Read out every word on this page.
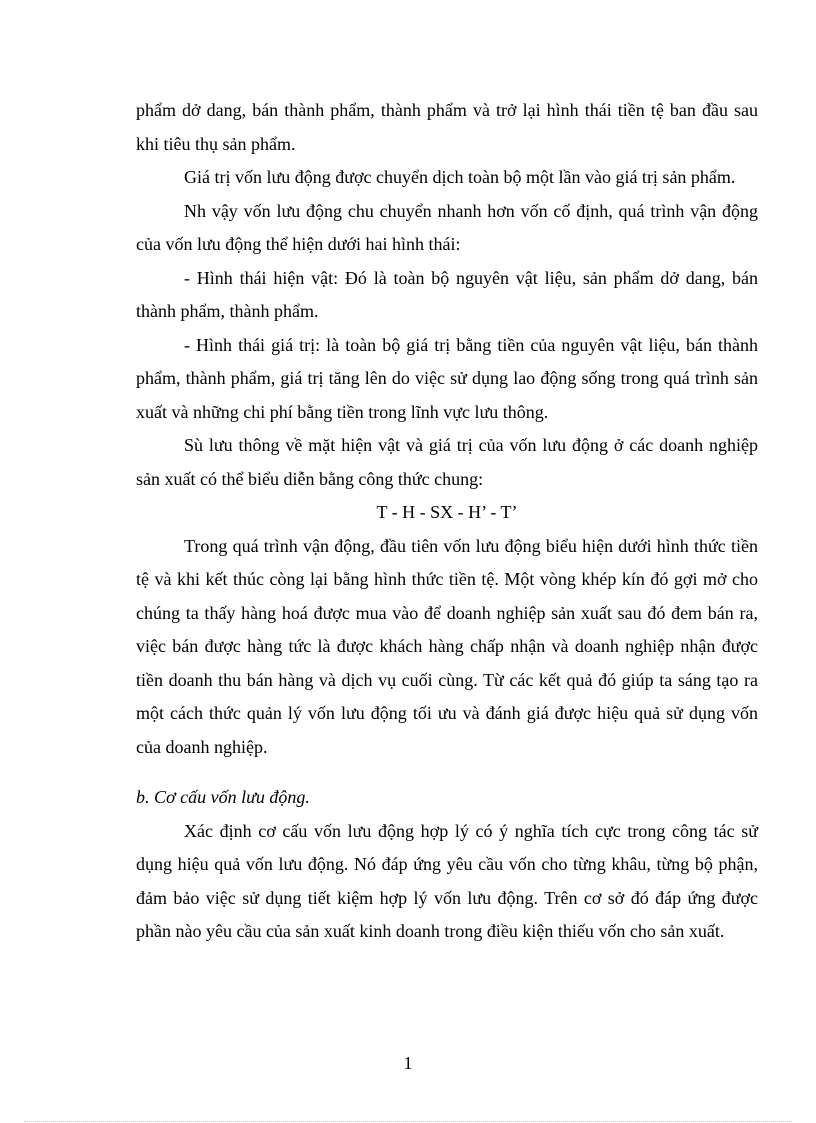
phẩm dở dang, bán thành phẩm, thành phẩm và trở lại hình thái tiền tệ ban đầu sau khi tiêu thụ sản phẩm.

Giá trị vốn lưu động được chuyển dịch toàn bộ một lần vào giá trị sản phẩm.

Nh vậy vốn lưu động chu chuyển nhanh hơn vốn cố định, quá trình vận động của vốn lưu động thể hiện dưới hai hình thái:

- Hình thái hiện vật: Đó là toàn bộ nguyên vật liệu, sản phẩm dở dang, bán thành phẩm, thành phẩm.

- Hình thái giá trị: là toàn bộ giá trị bằng tiền của nguyên vật liệu, bán thành phẩm, thành phẩm, giá trị tăng lên do việc sử dụng lao động sống trong quá trình sản xuất và những chi phí bằng tiền trong lĩnh vực lưu thông.

Sù lưu thông về mặt hiện vật và giá trị của vốn lưu động ở các doanh nghiệp sản xuất có thể biểu diễn bằng công thức chung:

T - H - SX - H’ - T’

Trong quá trình vận động, đầu tiên vốn lưu động biểu hiện dưới hình thức tiền tệ và khi kết thúc còng lại bằng hình thức tiền tệ. Một vòng khép kín đó gợi mở cho chúng ta thấy hàng hoá được mua vào để doanh nghiệp sản xuất sau đó đem bán ra, việc bán được hàng tức là được khách hàng chấp nhận và doanh nghiệp nhận được tiền doanh thu bán hàng và dịch vụ cuối cùng. Từ các kết quả đó giúp ta sáng tạo ra một cách thức quản lý vốn lưu động tối ưu và đánh giá được hiệu quả sử dụng vốn của doanh nghiệp.

b. Cơ cấu vốn lưu động.

Xác định cơ cấu vốn lưu động hợp lý có ý nghĩa tích cực trong công tác sử dụng hiệu quả vốn lưu động. Nó đáp ứng yêu cầu vốn cho từng khâu, từng bộ phận, đảm bảo việc sử dụng tiết kiệm hợp lý vốn lưu động. Trên cơ sở đó đáp ứng được phần nào yêu cầu của sản xuất kinh doanh trong điều kiện thiếu vốn cho sản xuất.

1
